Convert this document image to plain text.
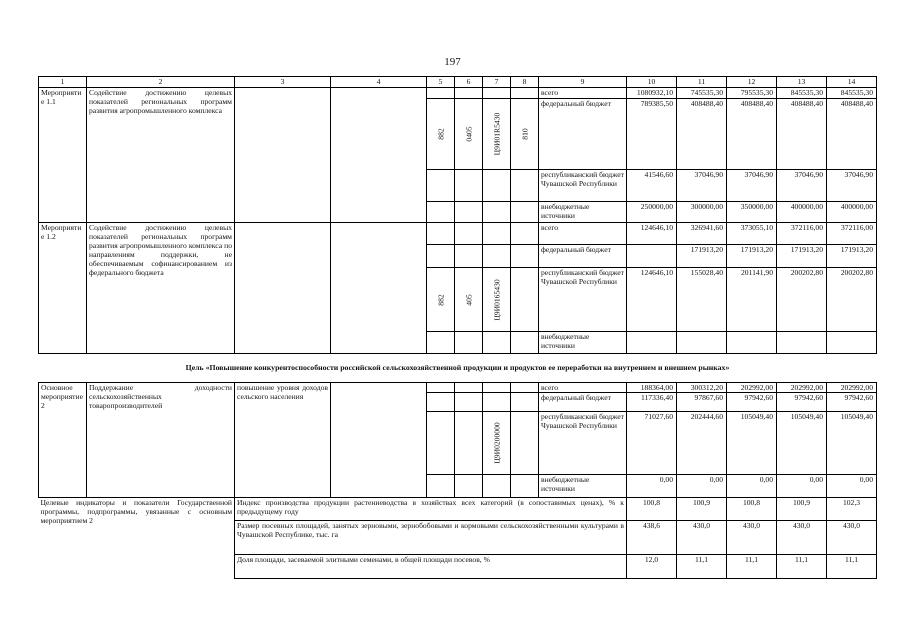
197
1	2	3	4	5	6	7	8	9	10	11	12	13	14
Мероприятие 1.1	Содействие достижению целевых показателей региональных программ развития агропромышленного комплекса							всего	1080932,10	745535,30	795535,30	845535,30	845535,30

				882	0405	Ц9И01R5430	810	федеральный бюджет	789385,50	408488,40	408488,40	408488,40	408488,40
								республиканский бюджет Чувашской Республики	41546,60	37046,90	37046,90	37046,90	37046,90
								внебюджетные источники	250000,00	300000,00	350000,00	400000,00	400000,00
Мероприятие 1.2	Содействие достижению целевых показателей региональных программ развития агропромышленного комплекса по направлениям поддержки, не обеспечиваемым софинансированием из федерального бюджета							всего	124646,10	326941,60	373055,10	372116,00	372116,00
								федеральный бюджет		171913,20	171913,20	171913,20	171913,20

				882	405	Ц9И0165430		республиканский бюджет Чувашской Республики	124646,10	155028,40	201141,90	200202,80	200202,80
								внебюджетные источники					
Цель «Повышение конкурентоспособности российской сельскохозяйственной продукции и продуктов ее переработки на внутреннем и внешнем рынках»													
Основное мероприятие 2	Поддержание доходности сельскохозяйственных товаропроизводителей	повышение уровня доходов сельского населения						всего	188364,00	300312,20	202992,00	202992,00	202992,00
								федеральный бюджет	117336,40	97867,60	97942,60	97942,60	97942,60

						Ц9И0200000		республиканский бюджет Чувашской Республики	71027,60	202444,60	105049,40	105049,40	105049,40
								внебюджетные источники	0,00	0,00	0,00	0,00	0,00
Целевые индикаторы и показатели Государственной программы, подпрограммы, увязанные с основным мероприятием 2		Индекс производства продукции растениеводства в хозяйствах всех категорий (в сопоставимых ценах), % к предыдущему году							100,8	100,9	100,8	100,9	102,3
		Размер посевных площадей, занятых зерновыми, зернобобовыми и кормовыми сельскохозяйственными культурами в Чувашской Республике, тыс. га							438,6	430,0	430,0	430,0	430,0
		Доля площади, засеваемой элитными семенами, в общей площади посевов, %							12,0	11,1	11,1	11,1	11,1
